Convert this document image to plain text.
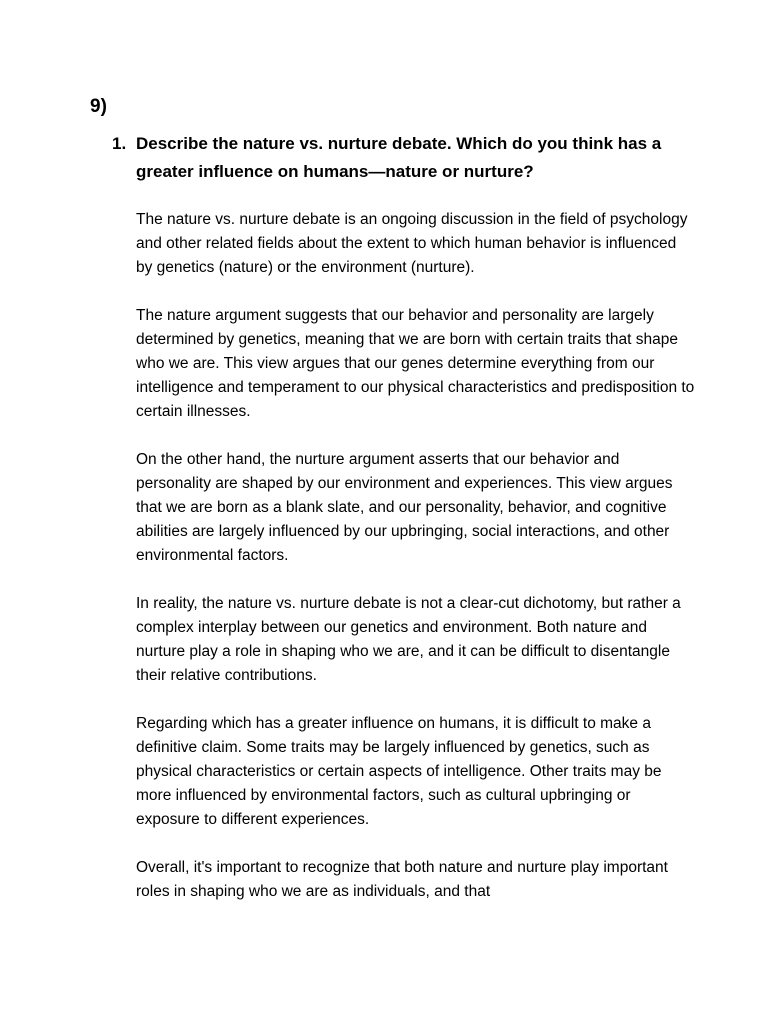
9)
1. Describe the nature vs. nurture debate. Which do you think has a greater influence on humans—nature or nurture?

The nature vs. nurture debate is an ongoing discussion in the field of psychology and other related fields about the extent to which human behavior is influenced by genetics (nature) or the environment (nurture).

The nature argument suggests that our behavior and personality are largely determined by genetics, meaning that we are born with certain traits that shape who we are. This view argues that our genes determine everything from our intelligence and temperament to our physical characteristics and predisposition to certain illnesses.

On the other hand, the nurture argument asserts that our behavior and personality are shaped by our environment and experiences. This view argues that we are born as a blank slate, and our personality, behavior, and cognitive abilities are largely influenced by our upbringing, social interactions, and other environmental factors.

In reality, the nature vs. nurture debate is not a clear-cut dichotomy, but rather a complex interplay between our genetics and environment. Both nature and nurture play a role in shaping who we are, and it can be difficult to disentangle their relative contributions.

Regarding which has a greater influence on humans, it is difficult to make a definitive claim. Some traits may be largely influenced by genetics, such as physical characteristics or certain aspects of intelligence. Other traits may be more influenced by environmental factors, such as cultural upbringing or exposure to different experiences.

Overall, it's important to recognize that both nature and nurture play important roles in shaping who we are as individuals, and that
